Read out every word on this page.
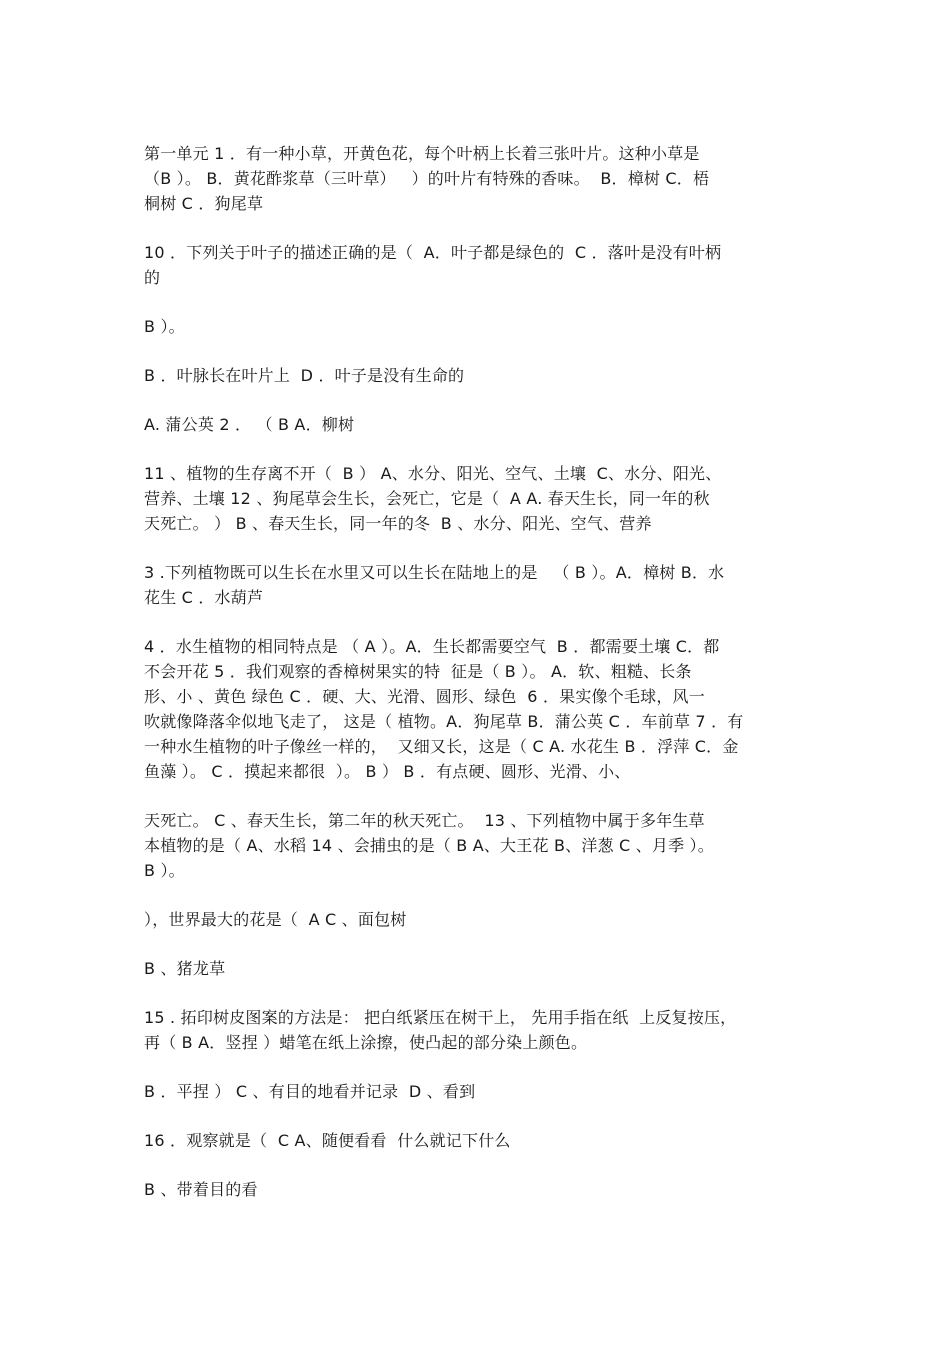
第一单元 1 ．有一种小草，开黄色花，每个叶柄上长着三张叶片。这种小草是
（B ）。 B．黄花酢浆草（三叶草）   ）的叶片有特殊的香味。  B．樟树 C．梧
桐树 C ．狗尾草
10 ．下列关于叶子的描述正确的是（  A．叶子都是绿色的  C ．落叶是没有叶柄
的
B ）。
B ．叶脉长在叶片上  D ．叶子是没有生命的
A. 蒲公英 2 ． （ B A．柳树
11 、植物的生存离不开（  B ） A、水分、阳光、空气、土壤  C、水分、阳光、
营养、土壤 12 、狗尾草会生长，会死亡，它是（  A A. 春天生长，同一年的秋
天死亡。 ） B 、春天生长，同一年的冬  B 、水分、阳光、空气、营养
3 .下列植物既可以生长在水里又可以生长在陆地上的是   （ B ）。A．樟树 B．水
花生 C ．水葫芦
4 ．水生植物的相同特点是 （ A ）。A．生长都需要空气  B ．都需要土壤 C．都
不会开花 5 ．我们观察的香樟树果实的特  征是（ B ）。 A．软、粗糙、长条
形、小 、黄色 绿色 C ．硬、大、光滑、圆形、绿色  6 ．果实像个毛球，风一
吹就像降落伞似地飞走了， 这是（ 植物。A．狗尾草 B．蒲公英 C ．车前草 7 ．有
一种水生植物的叶子像丝一样的，  又细又长，这是（ C A. 水花生 B ．浮萍 C．金
鱼藻 ）。 C ．摸起来都很  ）。 B ） B ．有点硬、圆形、光滑、小、
天死亡。 C 、春天生长，第二年的秋天死亡。  13 、下列植物中属于多年生草
本植物的是（ A、水稻 14 、会捕虫的是（ B A、大王花 B、洋葱 C 、月季 ）。
B ）。
），世界最大的花是（  A C 、面包树
B 、猪龙草
15 . 拓印树皮图案的方法是： 把白纸紧压在树干上， 先用手指在纸  上反复按压，
再（ B A．竖捏 ）蜡笔在纸上涂擦，使凸起的部分染上颜色。
B ．平捏 ） C 、有目的地看并记录  D 、看到
16 ．观察就是（  C A、随便看看  什么就记下什么
B 、带着目的看
